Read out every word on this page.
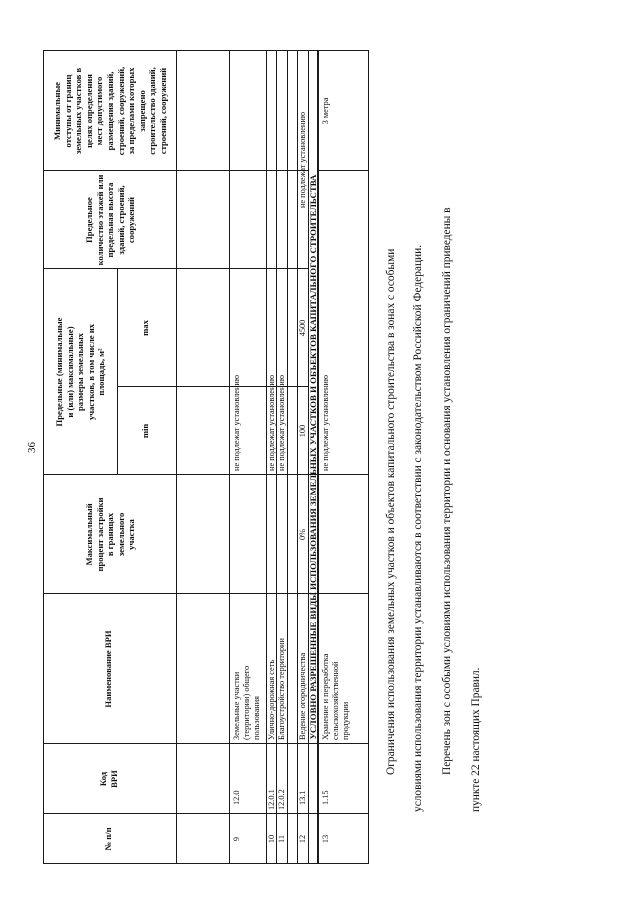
36
№ п/п
Код ВРИ
Наименование ВРИ
Предельные (минимальные и (или) максимальные) размеры земельных участков, в том числе их площадь, м²
min
max
Максимальный процент застройки в границах земельного участка
Предельное количество этажей или предельная высота зданий, строений, сооружений
Минимальные отступы от границ земельных участков в целях определения мест допустимого размещения зданий, строений, сооружений, за пределами которых запрещено строительство зданий, строений, сооружений
9
12.0
Земельные участки (территории) общего пользования
не подлежат установлению
10
12.0.1
Улично-дорожная сеть
не подлежат установлению
11
12.0.2
Благоустройство территории
не подлежат установлению
12
13.1
Ведение огородничества
100
4500
0%
не подлежат установлению
УСЛОВНО РАЗРЕШЕННЫЕ ВИДЫ ИСПОЛЬЗОВАНИЯ ЗЕМЕЛЬНЫХ УЧАСТКОВ И ОБЪЕКТОВ КАПИТАЛЬНОГО СТРОИТЕЛЬСТВА
13
1.15
Хранение и переработка сельскохозяйственной продукции
не подлежат установлению
3 метра
Ограничения использования земельных участков и объектов капитального строительства в зонах с особыми условиями использования территории устанавливаются в соответствии с законодательством Российской Федерации. Перечень зон с особыми условиями использования территории и основания установления ограничений приведены в пункте 22 настоящих Правил.
